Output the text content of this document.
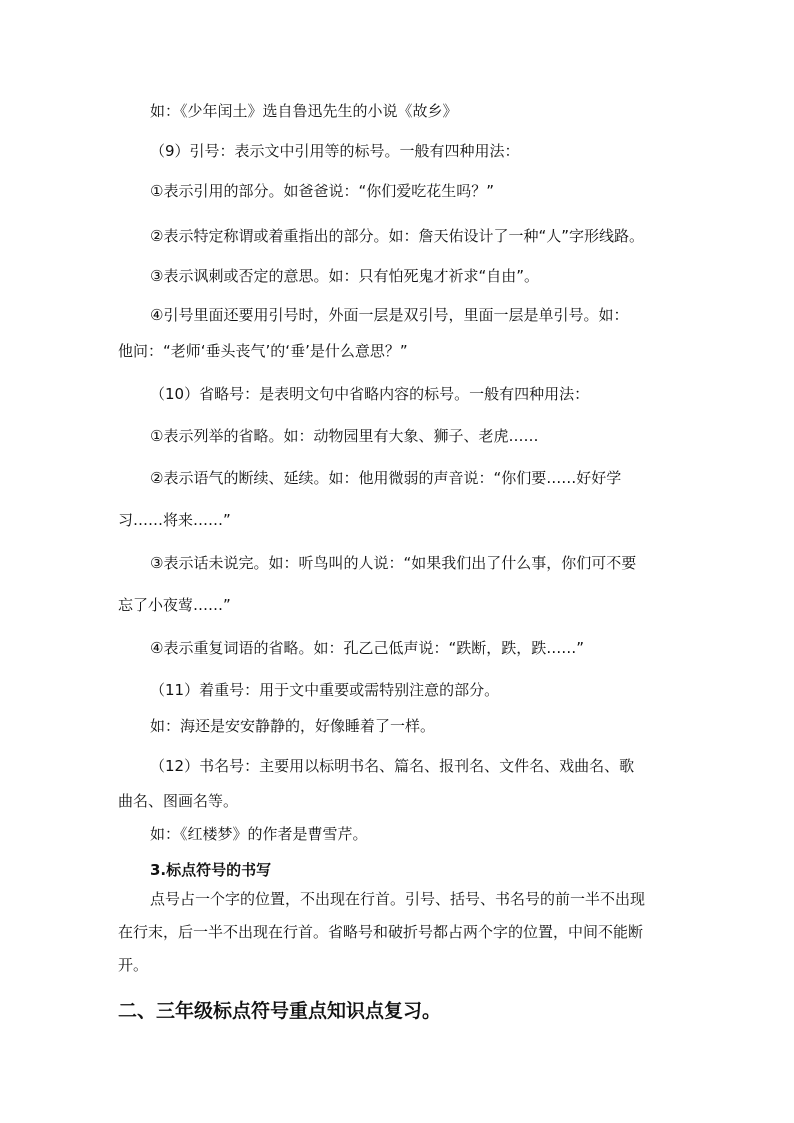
如：《少年闰土》选自鲁迅先生的小说《故乡》
（9）引号：表示文中引用等的标号。一般有四种用法：
①表示引用的部分。如爸爸说：“你们爱吃花生吗？”
②表示特定称谓或着重指出的部分。如：詹天佑设计了一种“人”字形线路。
③表示讽刺或否定的意思。如：只有怕死鬼才祈求“自由”。
④引号里面还要用引号时，外面一层是双引号，里面一层是单引号。如：
他问：“老师‘垂头丧气’的‘垂’是什么意思？”
（10）省略号：是表明文句中省略内容的标号。一般有四种用法：
①表示列举的省略。如：动物园里有大象、狮子、老虎……
②表示语气的断续、延续。如：他用微弱的声音说：“你们要……好好学
习……将来……”
③表示话未说完。如：听鸟叫的人说：“如果我们出了什么事，你们可不要
忘了小夜莺……”
④表示重复词语的省略。如：孔乙己低声说：“跌断，跌，跌……”
（11）着重号：用于文中重要或需特别注意的部分。
如：海还是安安静静的，好像睡着了一样。
（12）书名号：主要用以标明书名、篇名、报刊名、文件名、戏曲名、歌
曲名、图画名等。
如：《红楼梦》的作者是曹雪芹。
3.标点符号的书写
点号占一个字的位置，不出现在行首。引号、括号、书名号的前一半不出现
在行末，后一半不出现在行首。省略号和破折号都占两个字的位置，中间不能断
开。
二、三年级标点符号重点知识点复习。
